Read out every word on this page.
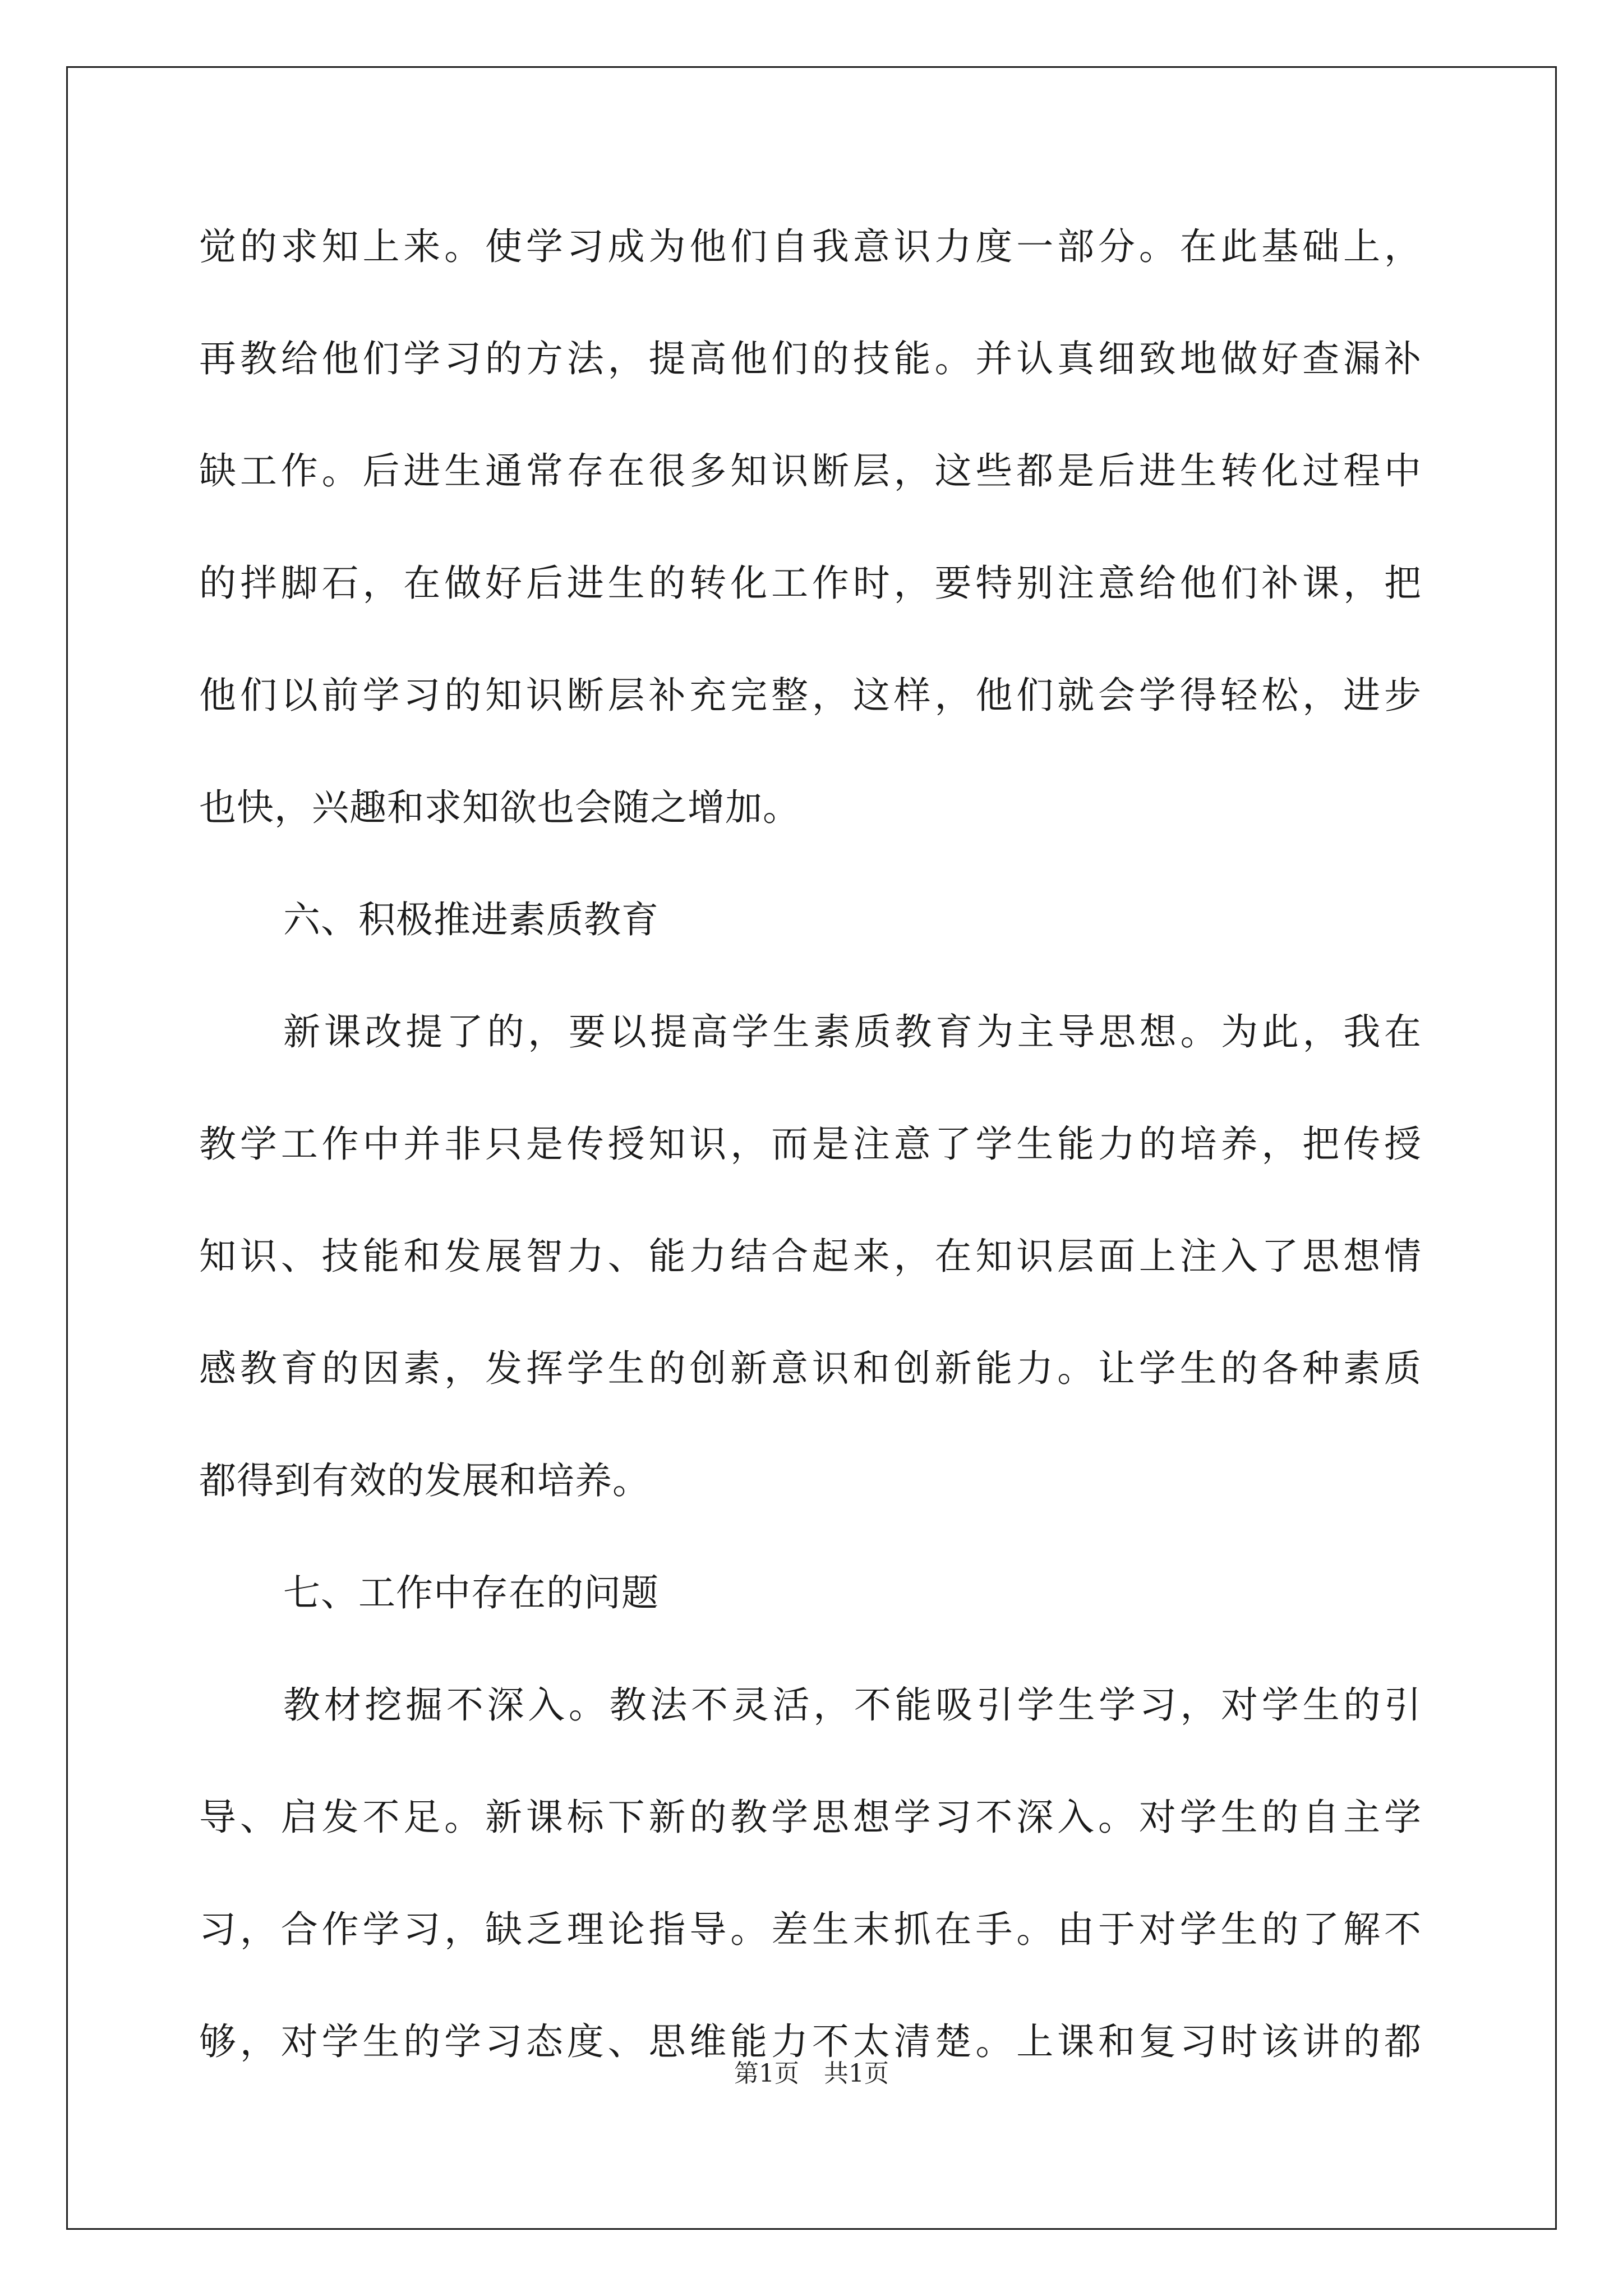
觉的求知上来。使学习成为他们自我意识力度一部分。在此基础上，
再教给他们学习的方法，提高他们的技能。并认真细致地做好查漏补
缺工作。后进生通常存在很多知识断层，这些都是后进生转化过程中
的拌脚石，在做好后进生的转化工作时，要特别注意给他们补课，把
他们以前学习的知识断层补充完整，这样，他们就会学得轻松，进步
也快，兴趣和求知欲也会随之增加。
六、积极推进素质教育
新课改提了的，要以提高学生素质教育为主导思想。为此，我在
教学工作中并非只是传授知识，而是注意了学生能力的培养，把传授
知识、技能和发展智力、能力结合起来，在知识层面上注入了思想情
感教育的因素，发挥学生的创新意识和创新能力。让学生的各种素质
都得到有效的发展和培养。
七、工作中存在的问题
教材挖掘不深入。教法不灵活，不能吸引学生学习，对学生的引
导、启发不足。新课标下新的教学思想学习不深入。对学生的自主学
习，合作学习，缺乏理论指导。差生末抓在手。由于对学生的了解不
够，对学生的学习态度、思维能力不太清楚。上课和复习时该讲的都
第1页　共1页
